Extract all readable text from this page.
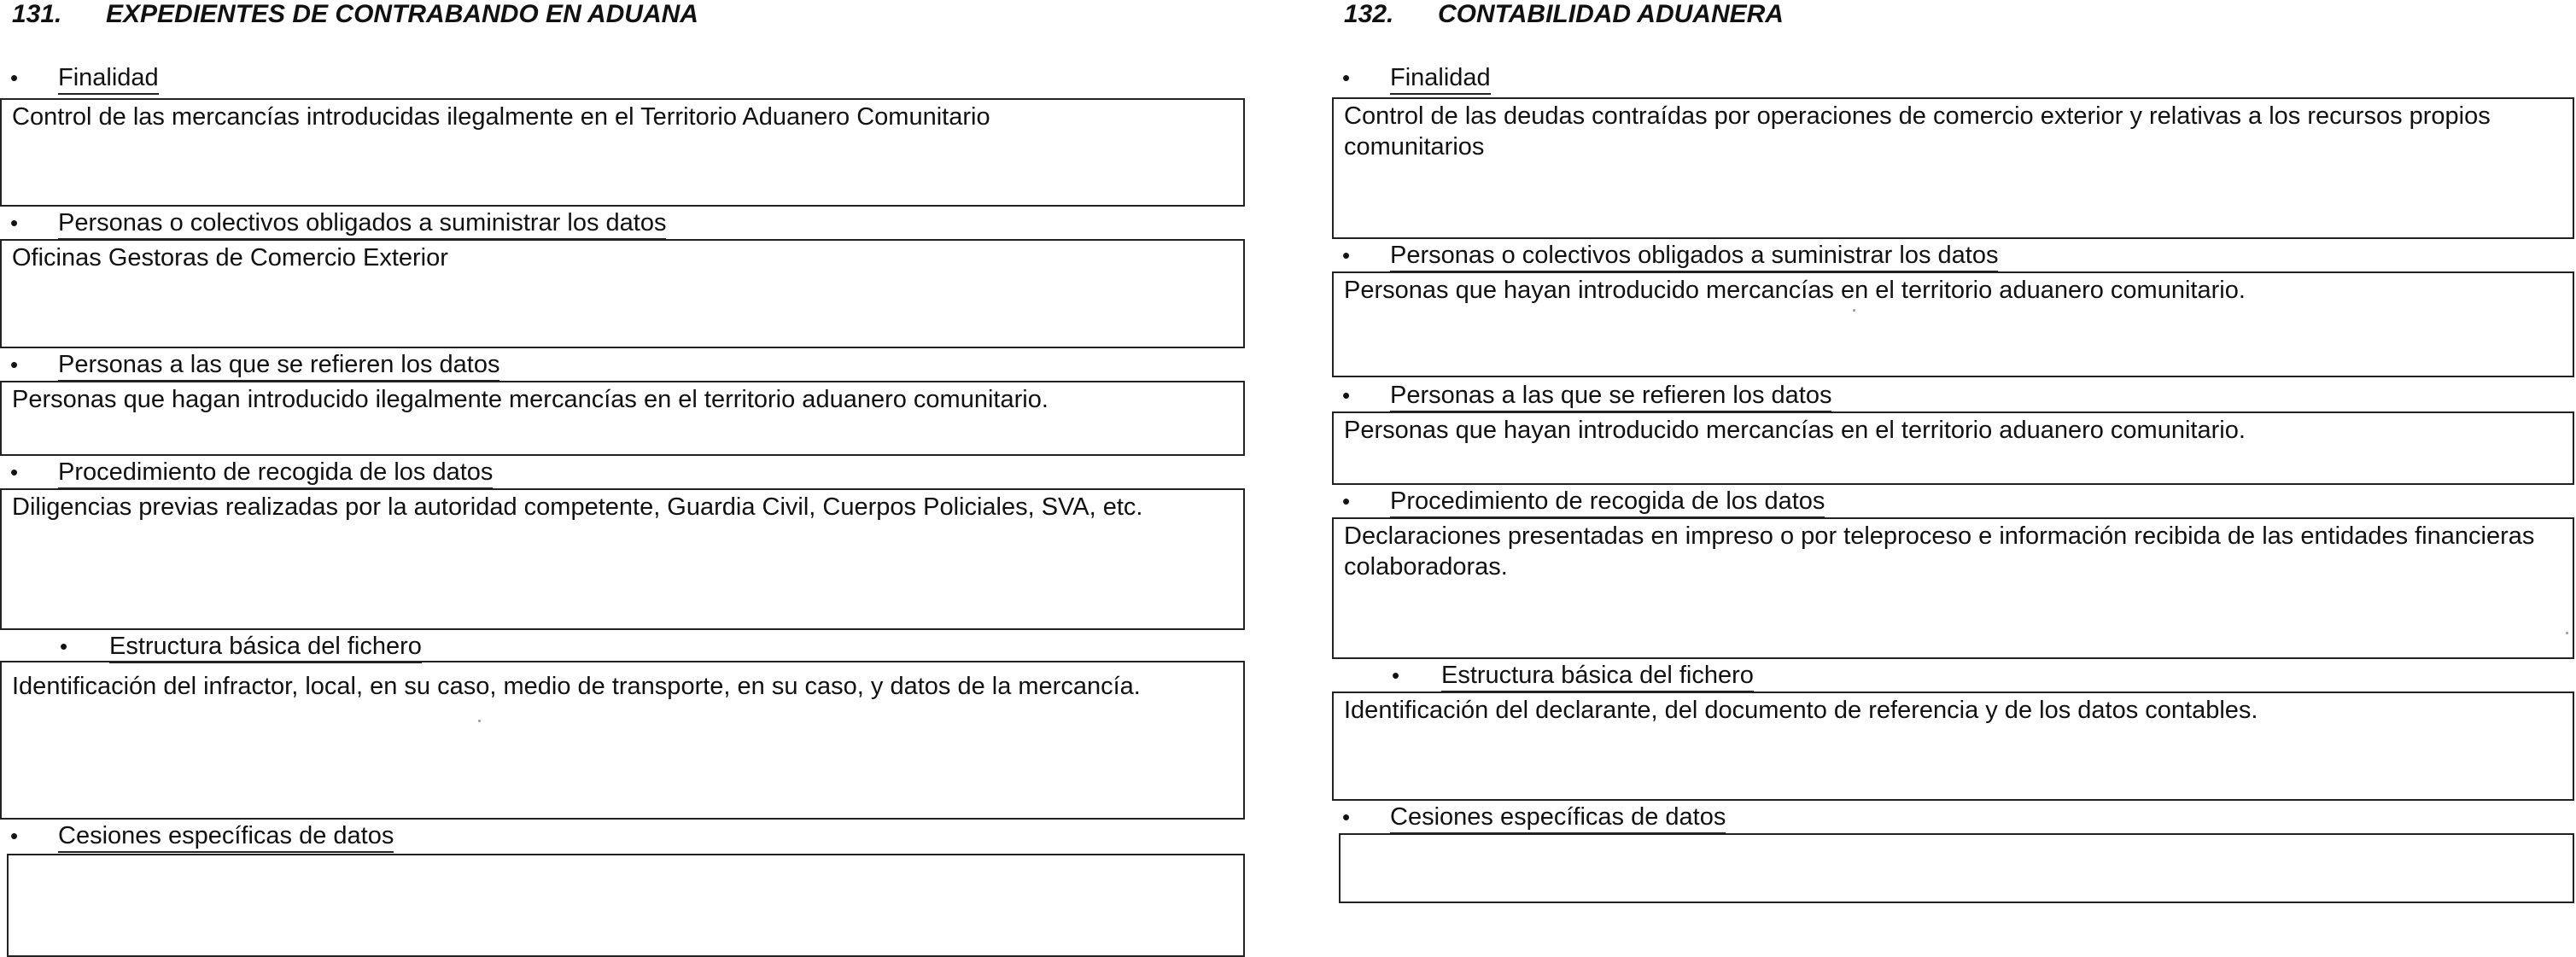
131. EXPEDIENTES DE CONTRABANDO EN ADUANA
• Finalidad
Control de las mercancías introducidas ilegalmente en el Territorio Aduanero Comunitario
• Personas o colectivos obligados a suministrar los datos
Oficinas Gestoras de Comercio Exterior
• Personas a las que se refieren los datos
Personas que hagan introducido ilegalmente mercancías en el territorio aduanero comunitario.
• Procedimiento de recogida de los datos
Diligencias previas realizadas por la autoridad competente, Guardia Civil, Cuerpos Policiales, SVA, etc.
• Estructura básica del fichero
Identificación del infractor, local, en su caso, medio de transporte, en su caso, y datos de la mercancía.
• Cesiones específicas de datos
132. CONTABILIDAD ADUANERA
• Finalidad
Control de las deudas contraídas por operaciones de comercio exterior y relativas a los recursos propios comunitarios
• Personas o colectivos obligados a suministrar los datos
Personas que hayan introducido mercancías en el territorio aduanero comunitario.
• Personas a las que se refieren los datos
Personas que hayan introducido mercancías en el territorio aduanero comunitario.
• Procedimiento de recogida de los datos
Declaraciones presentadas en impreso o por teleproceso e información recibida de las entidades financieras colaboradoras.
• Estructura básica del fichero
Identificación del declarante, del documento de referencia y de los datos contables.
• Cesiones específicas de datos
